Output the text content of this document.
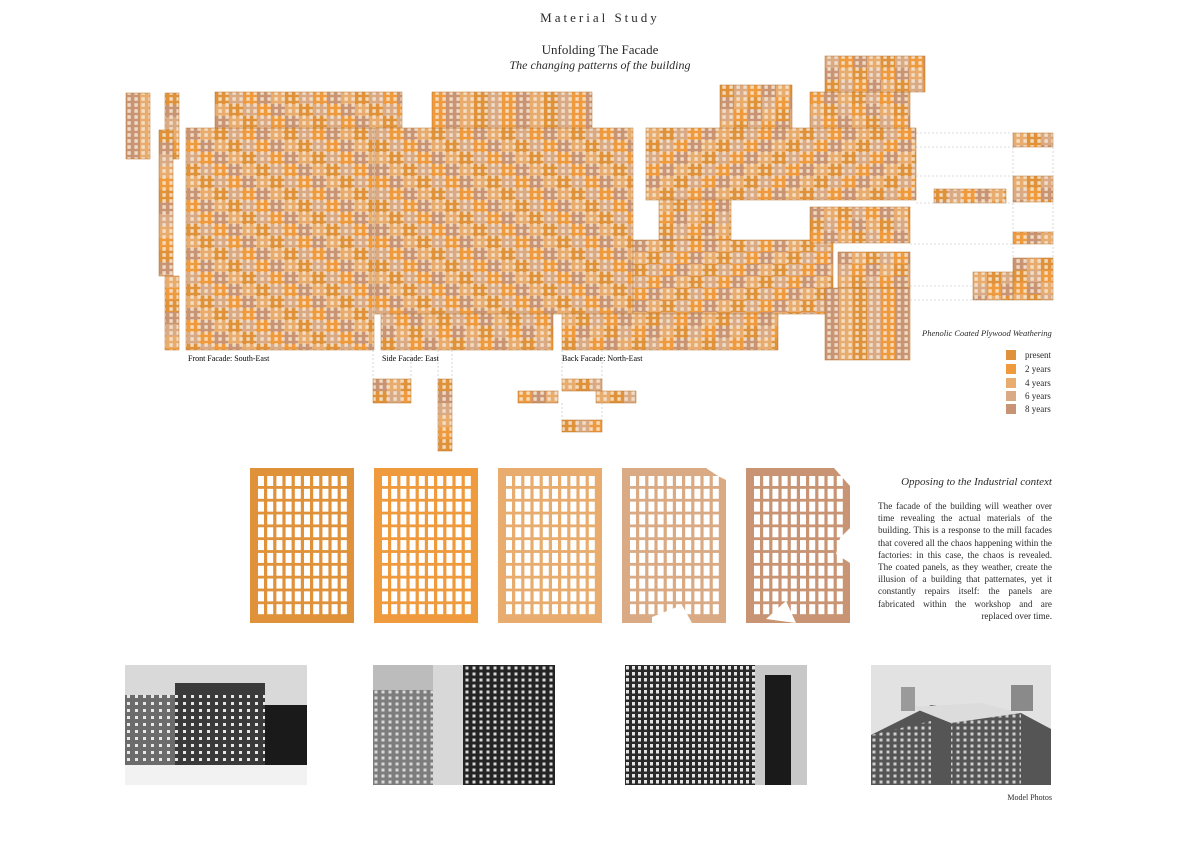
Material Study
Unfolding The Facade
The changing patterns of the building
Front Facade: South-East	Side Facade: East	Back Facade: North-East
Phenolic Coated Plywood Weathering
present
2 years
4 years
6 years
8 years
Opposing to the Industrial context
The facade of the building will weather over time revealing the actual materials of the building. This is a response to the mill facades that covered all the chaos happening within the factories: in this case, the chaos is revealed. The coated panels, as they weather, create the illusion of a building that patternates, yet it constantly repairs itself: the panels are fabricated within the workshop and are replaced over time.
Model Photos
